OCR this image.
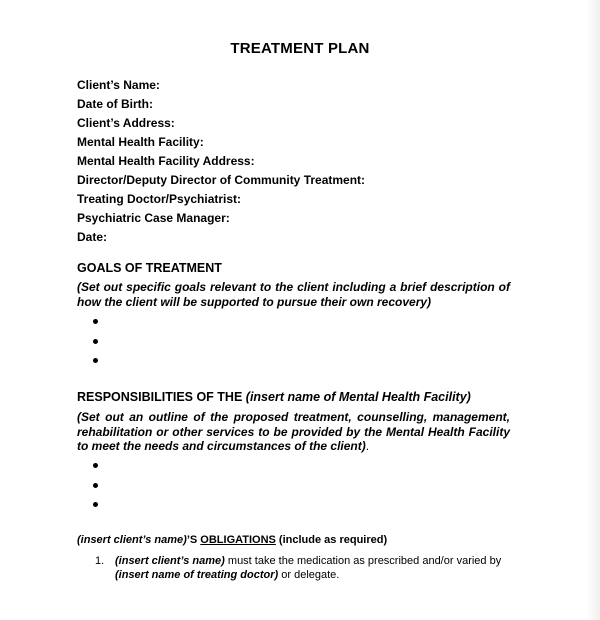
TREATMENT PLAN
Client’s Name:
Date of Birth:
Client’s Address:
Mental Health Facility:
Mental Health Facility Address:
Director/Deputy Director of Community Treatment:
Treating Doctor/Psychiatrist:
Psychiatric Case Manager:
Date:
GOALS OF TREATMENT
(Set out specific goals relevant to the client including a brief description of how the client will be supported to pursue their own recovery)
RESPONSIBILITIES OF THE (insert name of Mental Health Facility)
(Set out an outline of the proposed treatment, counselling, management, rehabilitation or other services to be provided by the Mental Health Facility to meet the needs and circumstances of the client).
(insert client’s name)’S OBLIGATIONS (include as required)
1. (insert client’s name) must take the medication as prescribed and/or varied by (insert name of treating doctor) or delegate.
